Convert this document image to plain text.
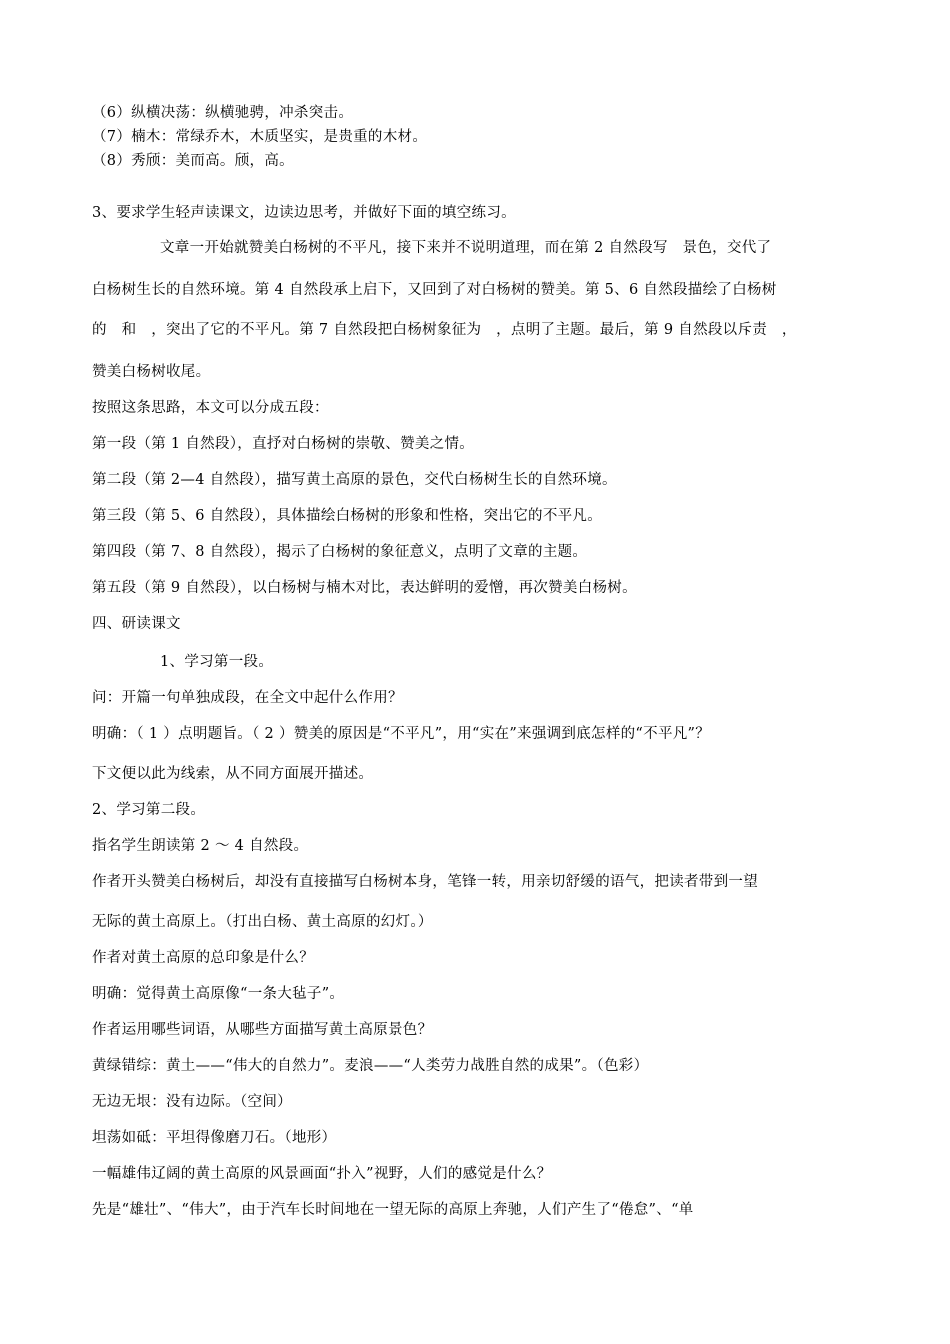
（6）纵横决荡：纵横驰骋，冲杀突击。
（7）楠木：常绿乔木，木质坚实，是贵重的木材。
（8）秀颀：美而高。颀，高。
3、要求学生轻声读课文，边读边思考，并做好下面的填空练习。
文章一开始就赞美白杨树的不平凡，接下来并不说明道理，而在第 2 自然段写　景色，交代了
白杨树生长的自然环境。第 4 自然段承上启下，又回到了对白杨树的赞美。第 5、6 自然段描绘了白杨树
的　和　，突出了它的不平凡。第 7 自然段把白杨树象征为　，点明了主题。最后，第 9 自然段以斥责　，
赞美白杨树收尾。
按照这条思路，本文可以分成五段：
第一段（第 1 自然段），直抒对白杨树的崇敬、赞美之情。
第二段（第 2—4 自然段），描写黄土高原的景色，交代白杨树生长的自然环境。
第三段（第 5、6 自然段），具体描绘白杨树的形象和性格，突出它的不平凡。
第四段（第 7、8 自然段），揭示了白杨树的象征意义，点明了文章的主题。
第五段（第 9 自然段），以白杨树与楠木对比，表达鲜明的爱憎，再次赞美白杨树。
四、研读课文
1、学习第一段。
问：开篇一句单独成段，在全文中起什么作用？
明确：（ 1 ）点明题旨。（ 2 ）赞美的原因是“不平凡”，用“实在”来强调到底怎样的“不平凡”？
下文便以此为线索，从不同方面展开描述。
2、学习第二段。
指名学生朗读第 2 ～ 4 自然段。
作者开头赞美白杨树后，却没有直接描写白杨树本身，笔锋一转，用亲切舒缓的语气，把读者带到一望
无际的黄土高原上。（打出白杨、黄土高原的幻灯。）
作者对黄土高原的总印象是什么？
明确：觉得黄土高原像“一条大毡子”。
作者运用哪些词语，从哪些方面描写黄土高原景色？
黄绿错综：黄土——“伟大的自然力”。麦浪——“人类劳力战胜自然的成果”。（色彩）
无边无垠：没有边际。（空间）
坦荡如砥：平坦得像磨刀石。（地形）
一幅雄伟辽阔的黄土高原的风景画面“扑入”视野，人们的感觉是什么？
先是“雄壮”、“伟大”，由于汽车长时间地在一望无际的高原上奔驰，人们产生了“倦怠”、“单
